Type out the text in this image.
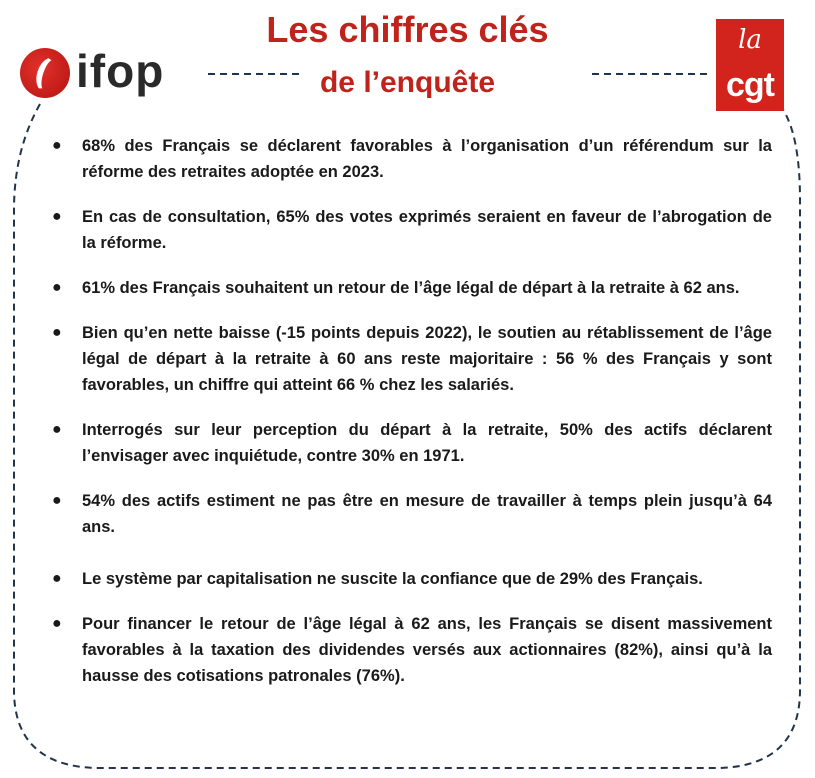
ifop
Les chiffres clés
de l’enquête
la
cgt
● 68% des Français se déclarent favorables à l’organisation d’un référendum sur la réforme des retraites adoptée en 2023.
● En cas de consultation, 65% des votes exprimés seraient en faveur de l’abrogation de la réforme.
● 61% des Français souhaitent un retour de l’âge légal de départ à la retraite à 62 ans.
● Bien qu’en nette baisse (-15 points depuis 2022), le soutien au rétablissement de l’âge légal de départ à la retraite à 60 ans reste majoritaire : 56 % des Français y sont favorables, un chiffre qui atteint 66 % chez les salariés.
● Interrogés sur leur perception du départ à la retraite, 50% des actifs déclarent l’envisager avec inquiétude, contre 30% en 1971.
● 54% des actifs estiment ne pas être en mesure de travailler à temps plein jusqu’à 64 ans.
● Le système par capitalisation ne suscite la confiance que de 29% des Français.
● Pour financer le retour de l’âge légal à 62 ans, les Français se disent massivement favorables à la taxation des dividendes versés aux actionnaires (82%), ainsi qu’à la hausse des cotisations patronales (76%).
